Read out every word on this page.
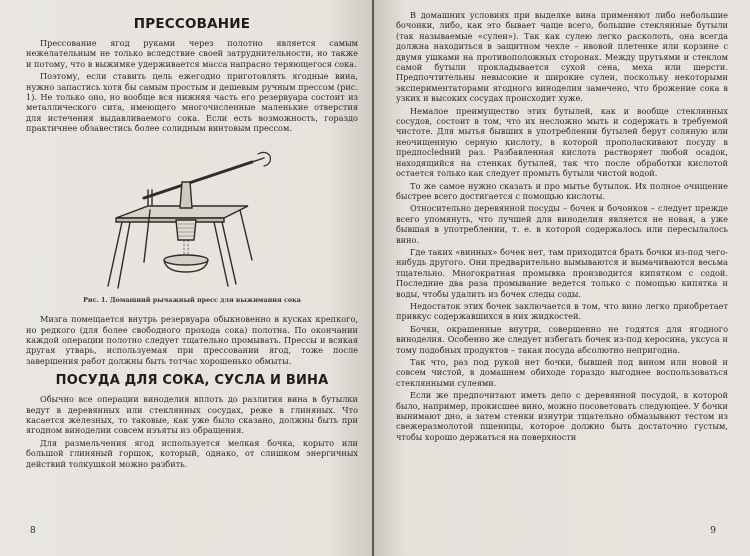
ПРЕССОВАНИЕ

Прессование ягод руками через полотно является самым нежелательным не только вследствие своей затруднительности, но также и потому, что в выжимке удерживается масса напрасно теряющегося сока.

Поэтому, если ставить цель ежегодно приготовлять ягодные вина, нужно запастись хотя бы самым простым и дешевым ручным прессом (рис. 1). Не только оно, но вообще вся нижняя часть его резервуара состоит из металлического сита, имеющего многочисленные маленькие отверстия для истечения выдавливаемого сока. Если есть возможность, гораздо практичнее обзавестись более солидным винтовым прессом.

Рис. 1. Домашний рычажный пресс для выжимания сока

Мизга помещается внутрь резервуара обыкновенно в кусках крепкого, но редкого (для более свободного прохода сока) полотна. По окончании каждой операции полотно следует тщательно промывать. Прессы и всякая другая утварь, используемая при прессовании ягод, тоже после завершения работ должны быть тотчас хорошенько обмыты.

ПОСУДА ДЛЯ СОКА, СУСЛА И ВИНА

Обычно все операции виноделия вплоть до разлития вина в бутылки ведут в деревянных или стеклянных сосудах, реже в глиняных. Что касается железных, то таковые, как уже было сказано, должны быть при ягодном виноделии совсем изъяты из обращения.

Для размельчения ягод используется мелкая бочка, корыто или большой глиняный горшок, который, однако, от слишком энергичных действий толкушкой можно разбить.

8

В домашних условиях при выделке вина применяют либо небольшие бочонки, либо, как это бывает чаще всего, большие стеклянные бутыли (так называемые «сулеи»). Так как сулею легко расколоть, она всегда должна находиться в защитном чехле – ивовой плетенке или корзине с двумя ушками на противоположных сторонах. Между прутьями и стеклом самой бутыли прокладывается сухой сена, меха или шерсти. Предпочтительны невысокие и широкие сулеи, поскольку некоторыми экспериментаторами ягодного виноделия замечено, что брожение сока в узких и высоких сосудах происходит хуже.

Немалое преимущество этих бутылей, как и вообще стеклянных сосудов, состоит в том, что их несложно мыть и содержать в требуемой чистоте. Для мытья бывших в употреблении бутылей берут соляную или неочищенную серную кислоту, в которой прополаскивают посуду в предпосledний раз. Разбавленная кислота растворяет любой осадок, находящийся на стенках бутылей, так что после обработки кислотой остается только как следует промыть бутыли чистой водой.

То же самое нужно сказать и про мытье бутылок. Их полное очищение быстрее всего достигается с помощью кислоты.

Относительно деревянной посуды – бочек и бочонков – следует прежде всего упомянуть, что лучшей для виноделия является не новая, а уже бывшая в употреблении, т. е. в которой содержалось или пересылалось вино.

Где таких «винных» бочек нет, там приходится брать бочки из-под чего-нибудь другого. Они предварительно вымываются и вымачиваются весьма тщательно. Многократная промывка производится кипятком с содой. Последние два раза промывание ведется только с помощью кипятка и воды, чтобы удалить из бочек следы соды.

Недостаток этих бочек заключается в том, что вино легко приобретает привкус содержавшихся в них жидкостей.

Бочки, окрашенные внутри, совершенно не годятся для ягодного виноделия. Особенно же следует избегать бочек из-под керосина, уксуса и тому подобных продуктов – такая посуда абсолютно непригодна.

Так что, раз под рукой нет бочки, бывшей под вином или новой и совсем чистой, в домашнем обиходе гораздо выгоднее воспользоваться стеклянными сулеями.

Если же предпочитают иметь дело с деревянной посудой, в которой было, например, прокисшее вино, можно посоветовать следующее. У бочки вынимают дно, а затем стенки изнутри тщательно обмазывают тестом из свежеразмолотой пшеницы, которое должно быть достаточно густым, чтобы хорошо держаться на поверхности

9
